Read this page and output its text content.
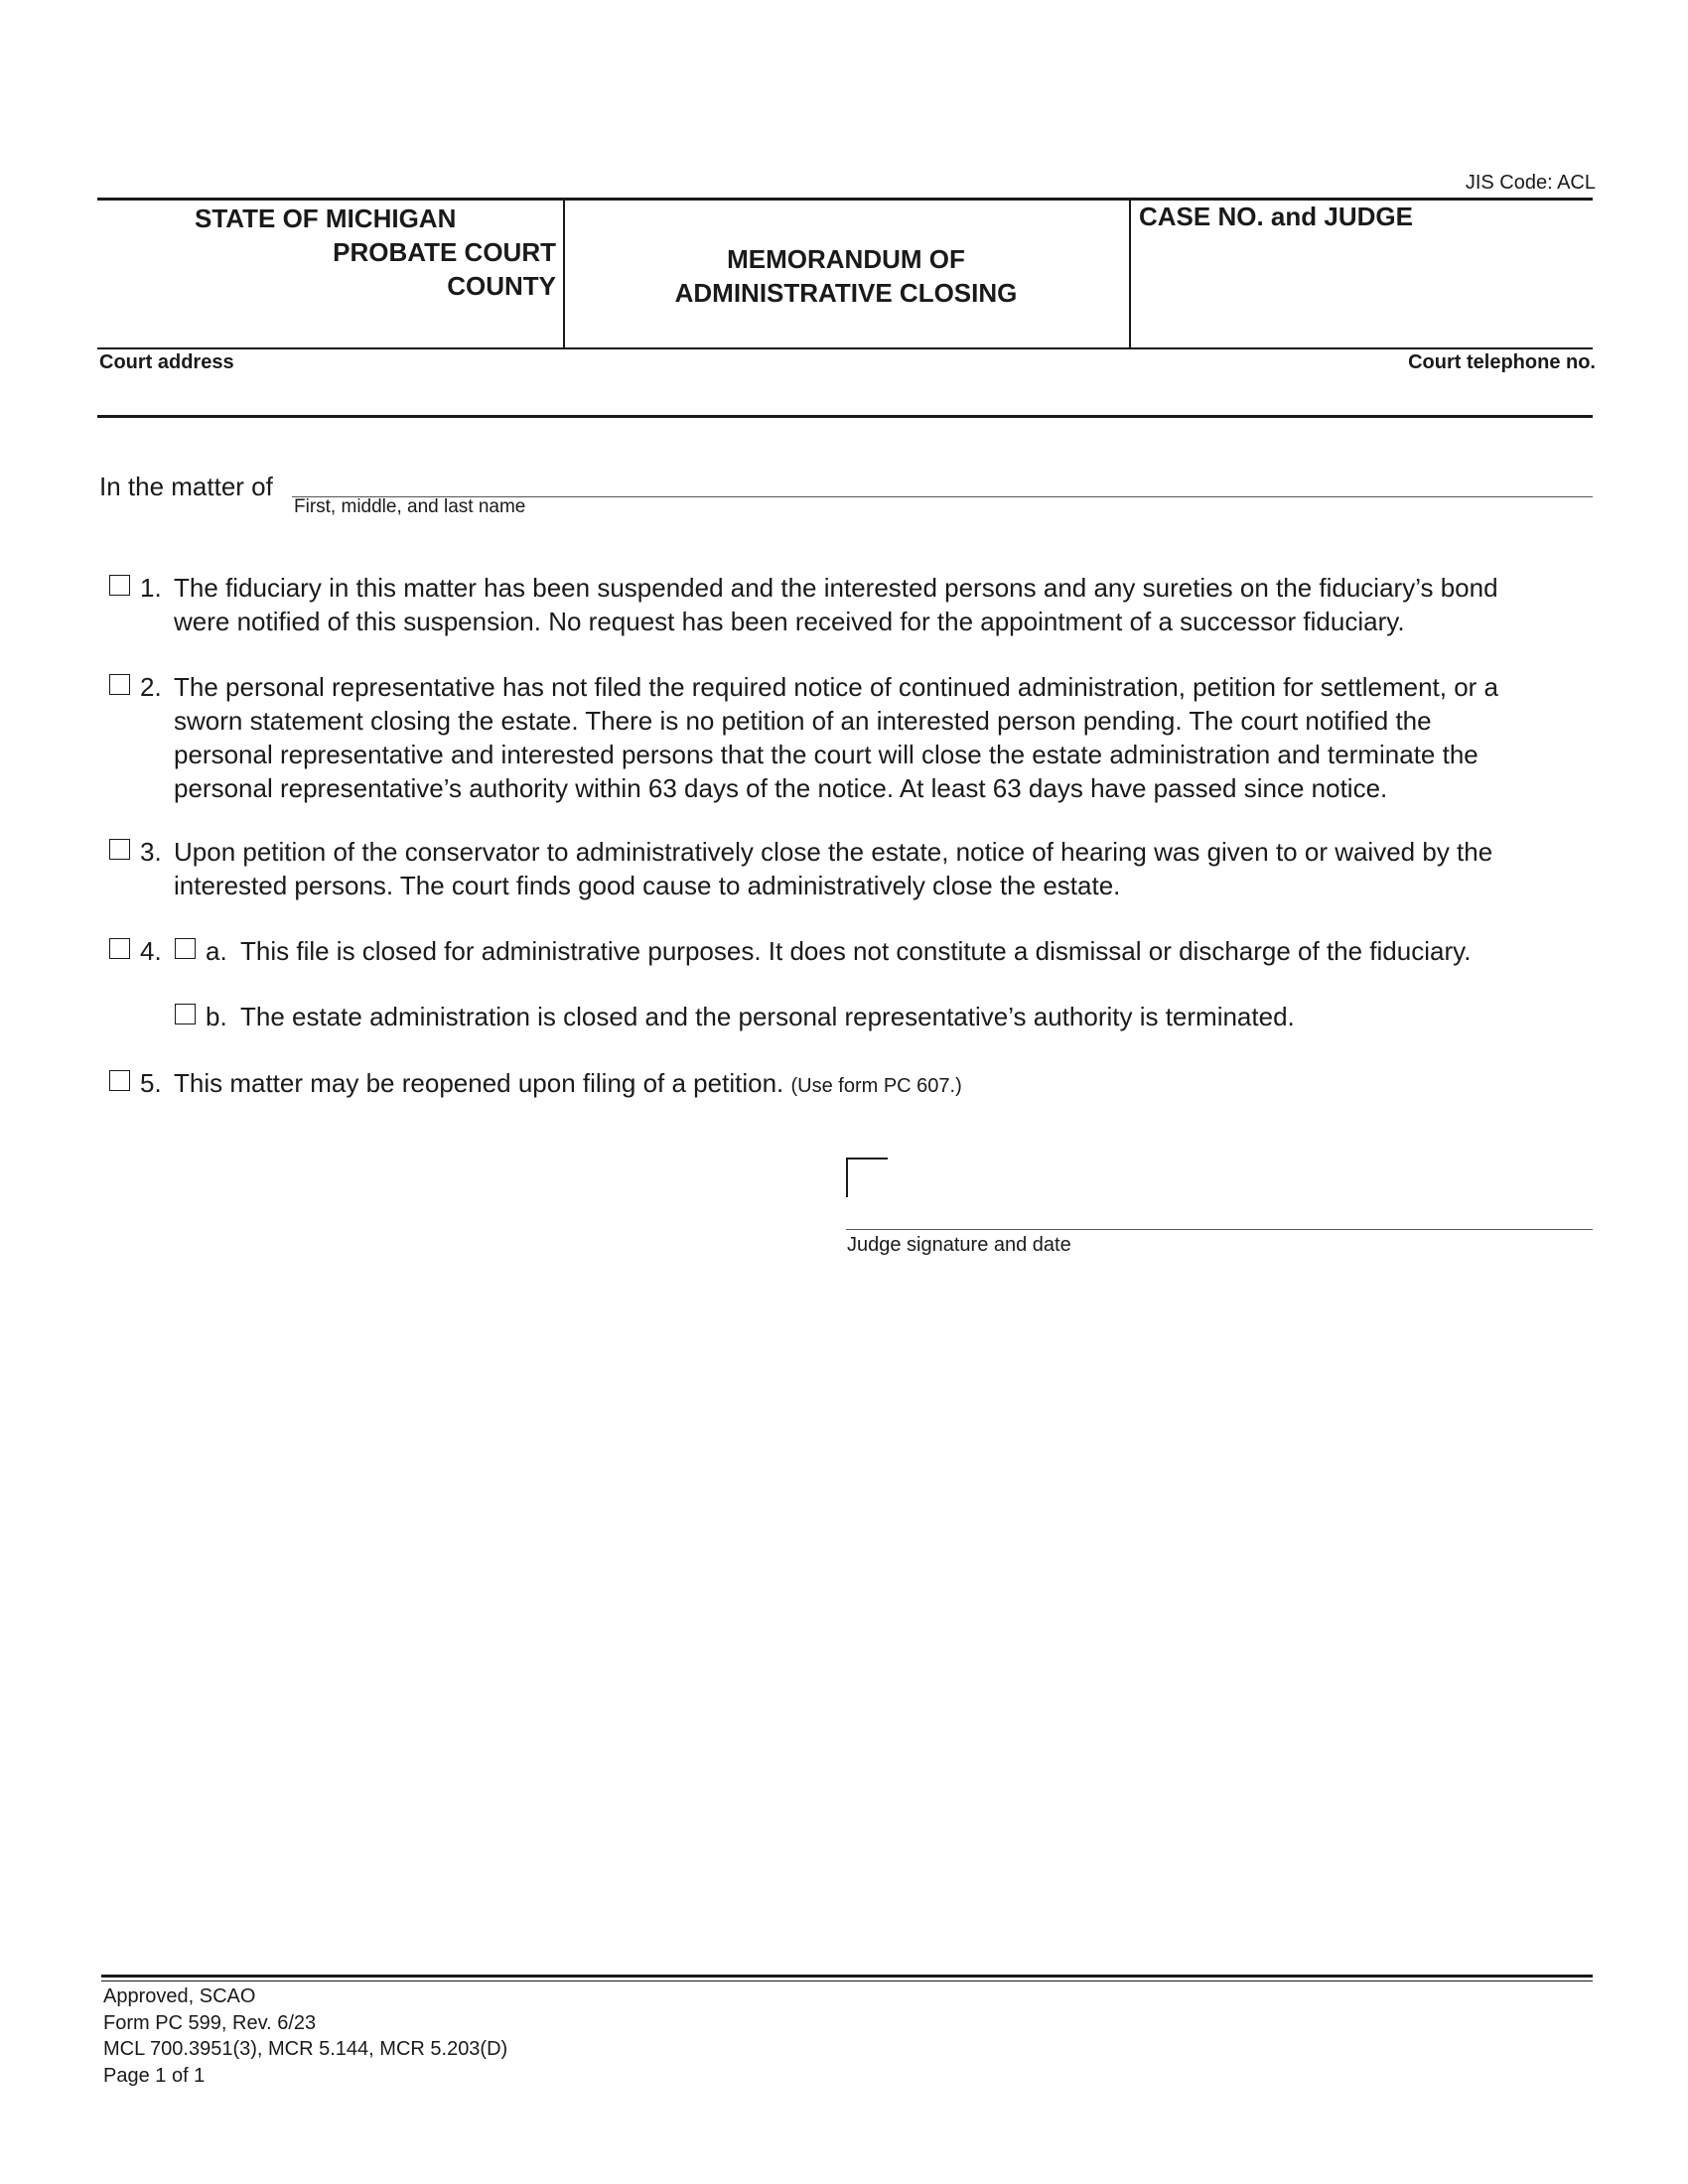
JIS Code: ACL
STATE OF MICHIGAN
PROBATE COURT
COUNTY
MEMORANDUM OF
ADMINISTRATIVE CLOSING
CASE NO. and JUDGE
Court address	Court telephone no.
In the matter of
First, middle, and last name
1. The fiduciary in this matter has been suspended and the interested persons and any sureties on the fiduciary’s bond
were notified of this suspension. No request has been received for the appointment of a successor fiduciary.
2. The personal representative has not filed the required notice of continued administration, petition for settlement, or a
sworn statement closing the estate. There is no petition of an interested person pending. The court notified the
personal representative and interested persons that the court will close the estate administration and terminate the
personal representative’s authority within 63 days of the notice. At least 63 days have passed since notice.
3. Upon petition of the conservator to administratively close the estate, notice of hearing was given to or waived by the
interested persons. The court finds good cause to administratively close the estate.
4. a. This file is closed for administrative purposes. It does not constitute a dismissal or discharge of the fiduciary.
b. The estate administration is closed and the personal representative’s authority is terminated.
5. This matter may be reopened upon filing of a petition. (Use form PC 607.)
Judge signature and date
Approved, SCAO
Form PC 599, Rev. 6/23
MCL 700.3951(3), MCR 5.144, MCR 5.203(D)
Page 1 of 1
